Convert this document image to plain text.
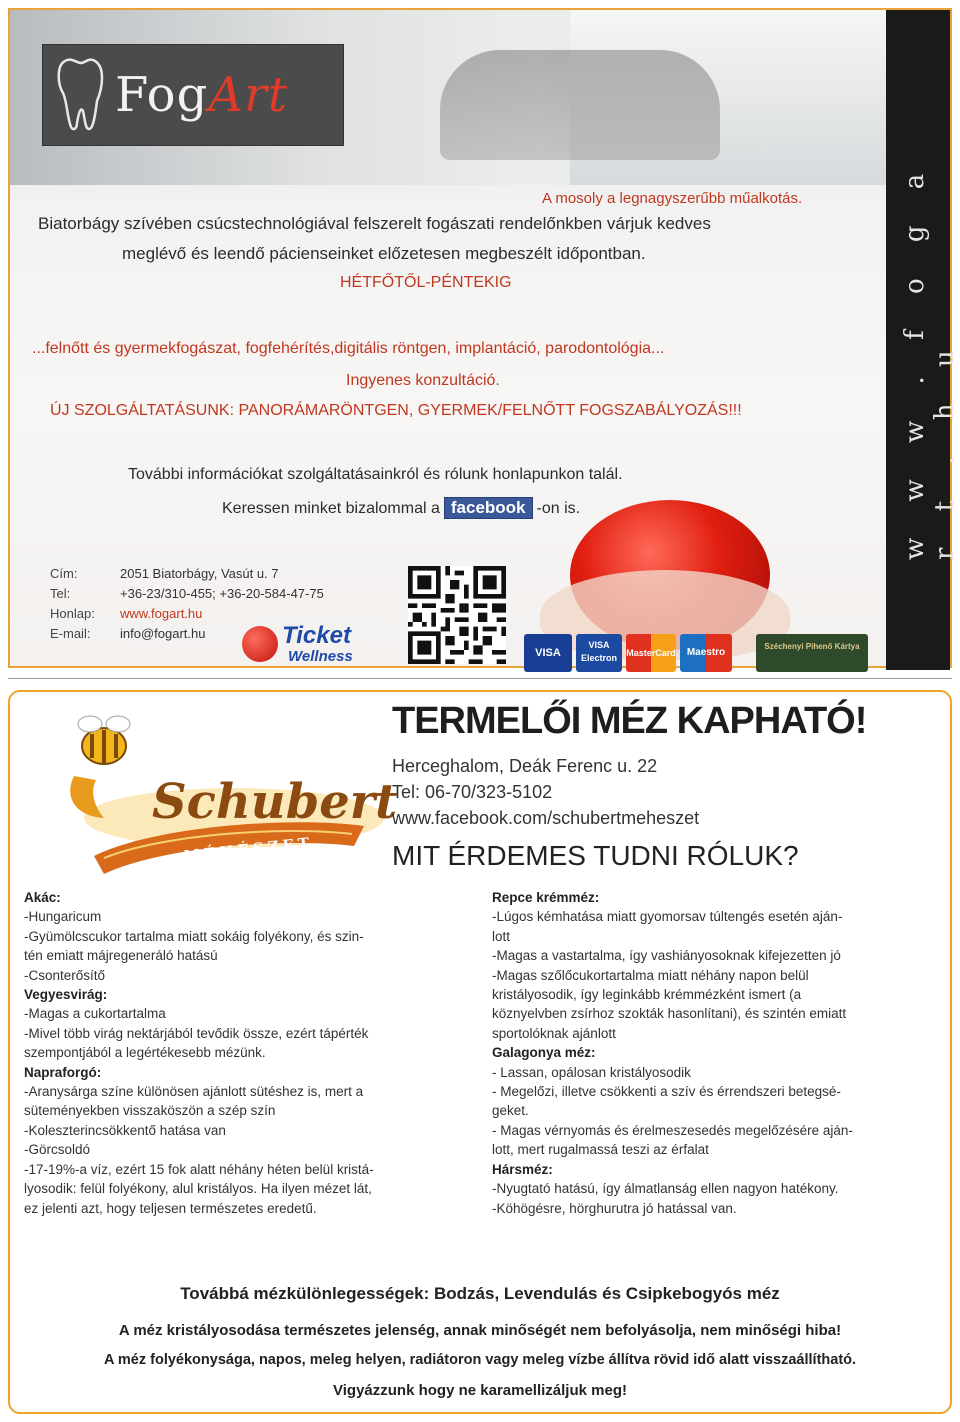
FogArt
w w w . f o g a r t . h u
A mosoly a legnagyszerűbb műalkotás.
Biatorbágy szívében csúcstechnológiával felszerelt fogászati rendelőnkben várjuk kedves
meglévő és leendő pácienseinket előzetesen megbeszélt időpontban.
HÉTFŐTŐL-PÉNTEKIG
...felnőtt és gyermekfogászat, fogfehérítés,digitális röntgen, implantáció, parodontológia...
Ingyenes konzultáció.
ÚJ SZOLGÁLTATÁSUNK: PANORÁMARÖNTGEN, GYERMEK/FELNŐTT FOGSZABÁLYOZÁS!!!
További információkat szolgáltatásainkról és rólunk honlapunkon talál.
Keressen minket bizalommal a facebook -on is.
Cím:	2051 Biatorbágy, Vasút u. 7
Tel:	+36-23/310-455; +36-20-584-47-75
Honlap: www.fogart.hu
E-mail: info@fogart.hu	Ticket
Wellness	VISA
VISA Electron	MasterCard	Maestro
Széchenyi Pihenő Kártya
Schubert
MÉHÉSZET
TERMELŐI MÉZ KAPHATÓ!
Herceghalom, Deák Ferenc u. 22
Tel: 06-70/323-5102
www.facebook.com/schubertmeheszet
MIT ÉRDEMES TUDNI RÓLUK?

Akác:

-Hungaricum

-Gyümölcscukor tartalma miatt sokáig folyékony, és szin-

tén emiatt májregeneráló hatású

-Csonterősítő

Vegyesvirág:

-Magas a cukortartalma

-Mivel több virág nektárjából tevődik össze, ezért tápérték

szempontjából a legértékesebb mézünk.

Napraforgó:

-Aranysárga színe különösen ajánlott sütéshez is, mert a

süteményekben visszaköszön a szép szín

-Koleszterincsökkentő hatása van

-Görcsoldó

-17-19%-a víz, ezért 15 fok alatt néhány héten belül kristá-

lyosodik: felül folyékony, alul kristályos. Ha ilyen mézet lát,

ez jelenti azt, hogy teljesen természetes eredetű.

Repce krémméz:

-Lúgos kémhatása miatt gyomorsav túltengés esetén aján-

lott

-Magas a vastartalma, így vashiányosoknak kifejezetten jó

-Magas szőlőcukortartalma miatt néhány napon belül

kristályosodik, így leginkább krémmézként ismert (a

köznyelvben zsírhoz szokták hasonlítani), és szintén emiatt

sportolóknak ajánlott

Galagonya méz:

- Lassan, opálosan kristályosodik

- Megelőzi, illetve csökkenti a szív és érrendszeri betegsé-

geket.

- Magas vérnyomás és érelmeszesedés megelőzésére aján-

lott, mert rugalmassá teszi az érfalat

Hársméz:

-Nyugtató hatású, így álmatlanság ellen nagyon hatékony.

-Köhögésre, hörghurutra jó hatással van.

Továbbá mézkülönlegességek: Bodzás, Levendulás és Csipkebogyós méz
A méz kristályosodása természetes jelenség, annak minőségét nem befolyásolja, nem minőségi hiba!
A méz folyékonysága, napos, meleg helyen, radiátoron vagy meleg vízbe állítva rövid idő alatt visszaállítható.
Vigyázzunk hogy ne karamellizáljuk meg!
